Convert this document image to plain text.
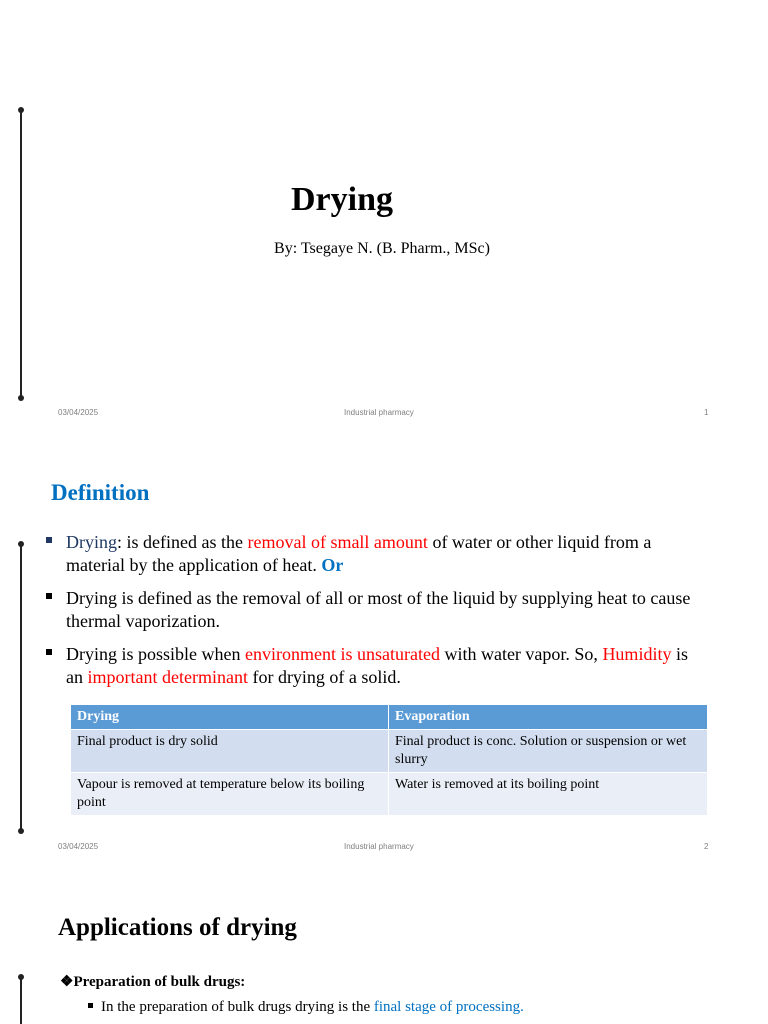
Drying
By: Tsegaye N. (B. Pharm., MSc)
03/04/2025	Industrial pharmacy	1
Definition
Drying: is defined as the removal of small amount of water or other liquid from a material by the application of heat. Or
Drying is defined as the removal of all or most of the liquid by supplying heat to cause thermal vaporization.
Drying is possible when environment is unsaturated with water vapor. So, Humidity is an important determinant for drying of a solid.
Drying	Evaporation
Final product is dry solid	Final product is conc. Solution or suspension or wet slurry
Vapour is removed at temperature below its boiling point	Water is removed at its boiling point
03/04/2025	Industrial pharmacy	2
Applications of drying
❖Preparation of bulk drugs:
In the preparation of bulk drugs drying is the final stage of processing.
